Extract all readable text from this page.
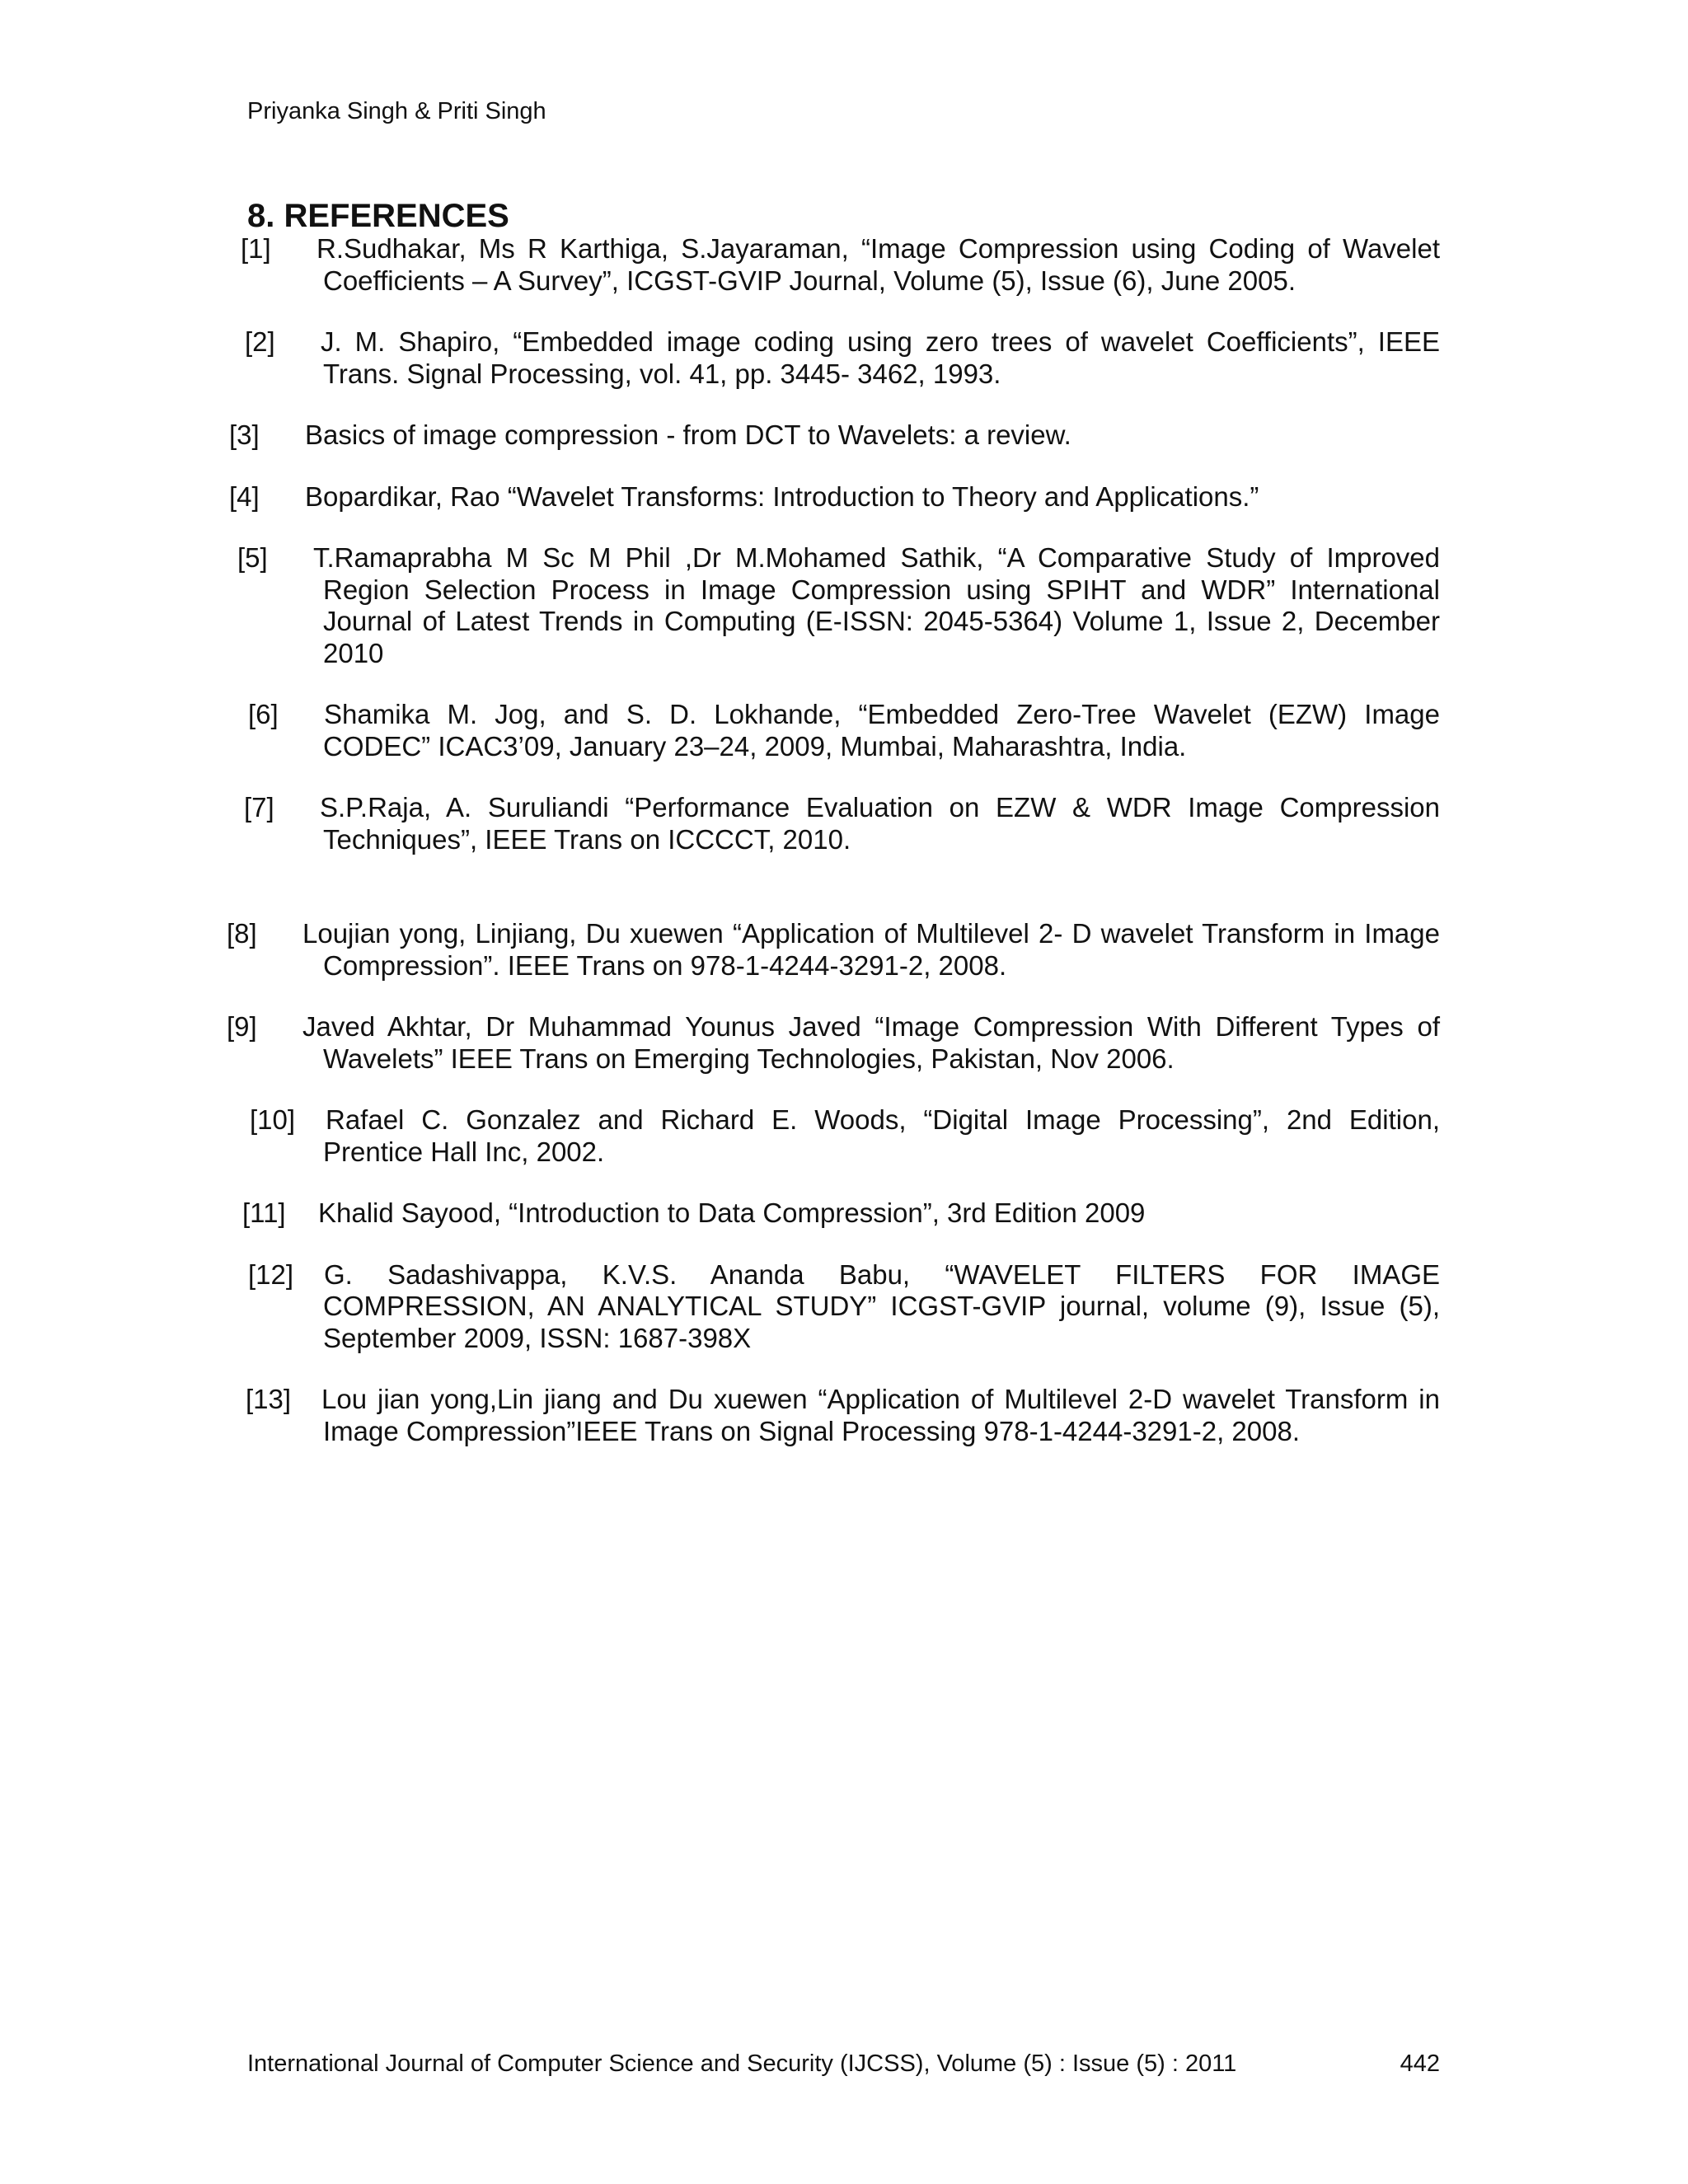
Priyanka Singh & Priti Singh
8. REFERENCES
[1] R.Sudhakar, Ms R Karthiga, S.Jayaraman, “Image Compression using Coding of Wavelet Coefficients – A Survey”, ICGST-GVIP Journal, Volume (5), Issue (6), June 2005.
[2] J. M. Shapiro, “Embedded image coding using zero trees of wavelet Coefficients”, IEEE Trans. Signal Processing, vol. 41, pp. 3445- 3462, 1993.
[3] Basics of image compression - from DCT to Wavelets: a review.
[4] Bopardikar, Rao “Wavelet Transforms: Introduction to Theory and Applications.”
[5] T.Ramaprabha M Sc M Phil ,Dr M.Mohamed Sathik, “A Comparative Study of Improved Region Selection Process in Image Compression using SPIHT and WDR” International Journal of Latest Trends in Computing (E-ISSN: 2045-5364) Volume 1, Issue 2, December 2010
[6] Shamika M. Jog, and S. D. Lokhande, “Embedded Zero-Tree Wavelet (EZW) Image CODEC” ICAC3’09, January 23–24, 2009, Mumbai, Maharashtra, India.
[7] S.P.Raja, A. Suruliandi “Performance Evaluation on EZW & WDR Image Compression Techniques”, IEEE Trans on ICCCCT, 2010.
[8] Loujian yong, Linjiang, Du xuewen “Application of Multilevel 2- D wavelet Transform in Image Compression”. IEEE Trans on 978-1-4244-3291-2, 2008.
[9] Javed Akhtar, Dr Muhammad Younus Javed “Image Compression With Different Types of Wavelets” IEEE Trans on Emerging Technologies, Pakistan, Nov 2006.
[10] Rafael C. Gonzalez and Richard E. Woods, “Digital Image Processing”, 2nd Edition, Prentice Hall Inc, 2002.
[11] Khalid Sayood, “Introduction to Data Compression”, 3rd Edition 2009
[12] G. Sadashivappa, K.V.S. Ananda Babu, “WAVELET FILTERS FOR IMAGE COMPRESSION, AN ANALYTICAL STUDY” ICGST-GVIP journal, volume (9), Issue (5), September 2009, ISSN: 1687-398X
[13] Lou jian yong,Lin jiang and Du xuewen “Application of Multilevel 2-D wavelet Transform in Image Compression”IEEE Trans on Signal Processing 978-1-4244-3291-2, 2008.
International Journal of Computer Science and Security (IJCSS), Volume (5) : Issue (5) : 2011	442
